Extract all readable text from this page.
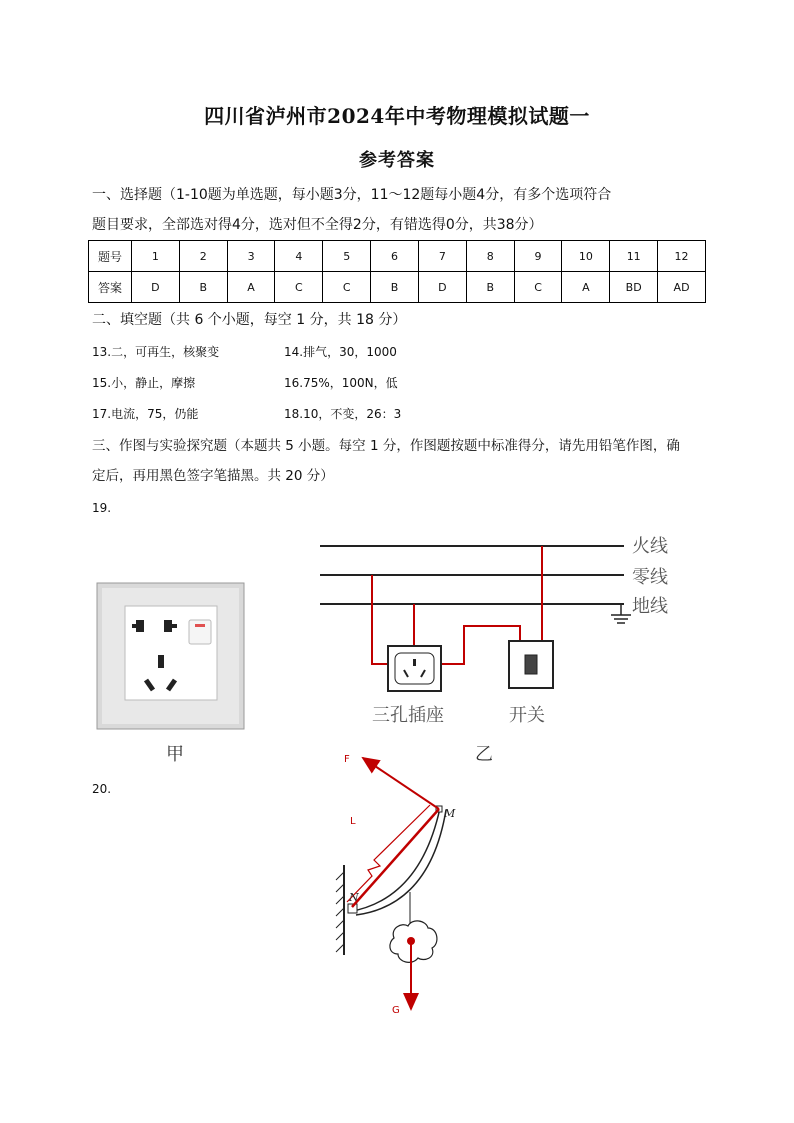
四川省泸州市2024年中考物理模拟试题一
参考答案
一、选择题（1-10题为单选题，每小题3分，11～12题每小题4分，有多个选项符合
题目要求，全部选对得4分，选对但不全得2分，有错选得0分，共38分）
题号	1	2	3	4	5	6	7	8	9	10	11	12
答案	D	B	A	C	C	B	D	B	C	A	BD	AD
二、填空题（共 6 个小题，每空 1 分，共 18 分）
13.二，可再生，核聚变	14.排气，30，1000
15.小，静止，摩擦	16.75%，100N，低
17.电流，75，仍能	18.10，不变，26：3
三、作图与实验探究题（本题共 5 小题。每空 1 分，作图题按题中标准得分，请先用铅笔作图，确
定后，再用黑色签字笔描黑。共 20 分）
19.
20.
火线
零线
地线
三孔插座	开关
甲	乙
F
L
M
N
G
